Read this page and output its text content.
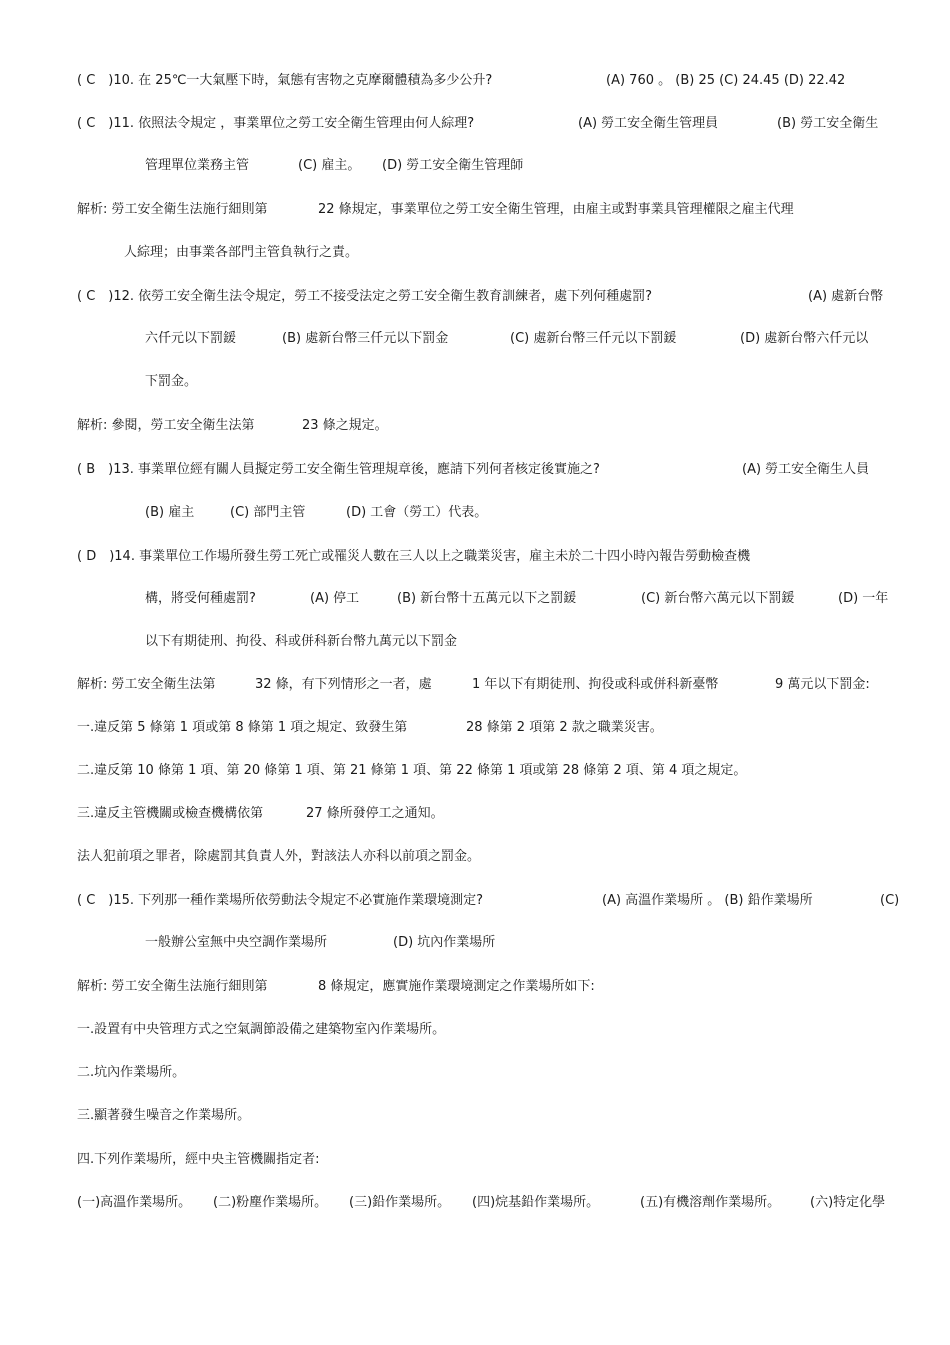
( C　)10. 在 25℃一大氣壓下時，氣態有害物之克摩爾體積為多少公升?	(A) 760 。 (B) 25 (C) 24.45 (D) 22.42
( C　)11. 依照法令規定 ，事業單位之勞工安全衛生管理由何人綜理?	(A) 勞工安全衛生管理員	(B) 勞工安全衛生
管理單位業務主管	(C) 雇主。 (D) 勞工安全衛生管理師
解析: 勞工安全衛生法施行細則第	22 條規定，事業單位之勞工安全衛生管理，由雇主或對事業具管理權限之雇主代理
人綜理；由事業各部門主管負執行之責。
( C　)12. 依勞工安全衛生法令規定，勞工不接受法定之勞工安全衛生教育訓練者，處下列何種處罰?	(A) 處新台幣
六仟元以下罰鍰	(B) 處新台幣三仟元以下罰金	(C) 處新台幣三仟元以下罰鍰	(D) 處新台幣六仟元以
下罰金。
解析: 參閱，勞工安全衛生法第	23 條之規定。
( B　)13. 事業單位經有關人員擬定勞工安全衛生管理規章後，應請下列何者核定後實施之?	(A) 勞工安全衛生人員
(B) 雇主	(C) 部門主管	(D) 工會（勞工）代表。
( D　)14. 事業單位工作場所發生勞工死亡或罹災人數在三人以上之職業災害，雇主未於二十四小時內報告勞動檢查機
構，將受何種處罰?	(A) 停工	(B) 新台幣十五萬元以下之罰鍰	(C) 新台幣六萬元以下罰鍰	(D) 一年
以下有期徒刑、拘役、科或併科新台幣九萬元以下罰金
解析: 勞工安全衛生法第	32 條，有下列情形之一者，處	1 年以下有期徒刑、拘役或科或併科新臺幣	9 萬元以下罰金:
一.違反第 5 條第 1 項或第 8 條第 1 項之規定、致發生第	28 條第 2 項第 2 款之職業災害。
二.違反第 10 條第 1 項、第 20 條第 1 項、第 21 條第 1 項、第 22 條第 1 項或第 28 條第 2 項、第 4 項之規定。
三.違反主管機關或檢查機構依第	27 條所發停工之通知。
法人犯前項之罪者，除處罰其負責人外，對該法人亦科以前項之罰金。
( C　)15. 下列那一種作業場所依勞動法令規定不必實施作業環境測定?	(A) 高溫作業場所 。 (B) 鉛作業場所	(C)
一般辦公室無中央空調作業場所	(D) 坑內作業場所
解析: 勞工安全衛生法施行細則第	8 條規定，應實施作業環境測定之作業場所如下:
一.設置有中央管理方式之空氣調節設備之建築物室內作業場所。
二.坑內作業場所。
三.顯著發生噪音之作業場所。
四.下列作業場所，經中央主管機關指定者:
(一)高溫作業場所。 (二)粉塵作業場所。 (三)鉛作業場所。 (四)烷基鉛作業場所。	(五)有機溶劑作業場所。 (六)特定化學
